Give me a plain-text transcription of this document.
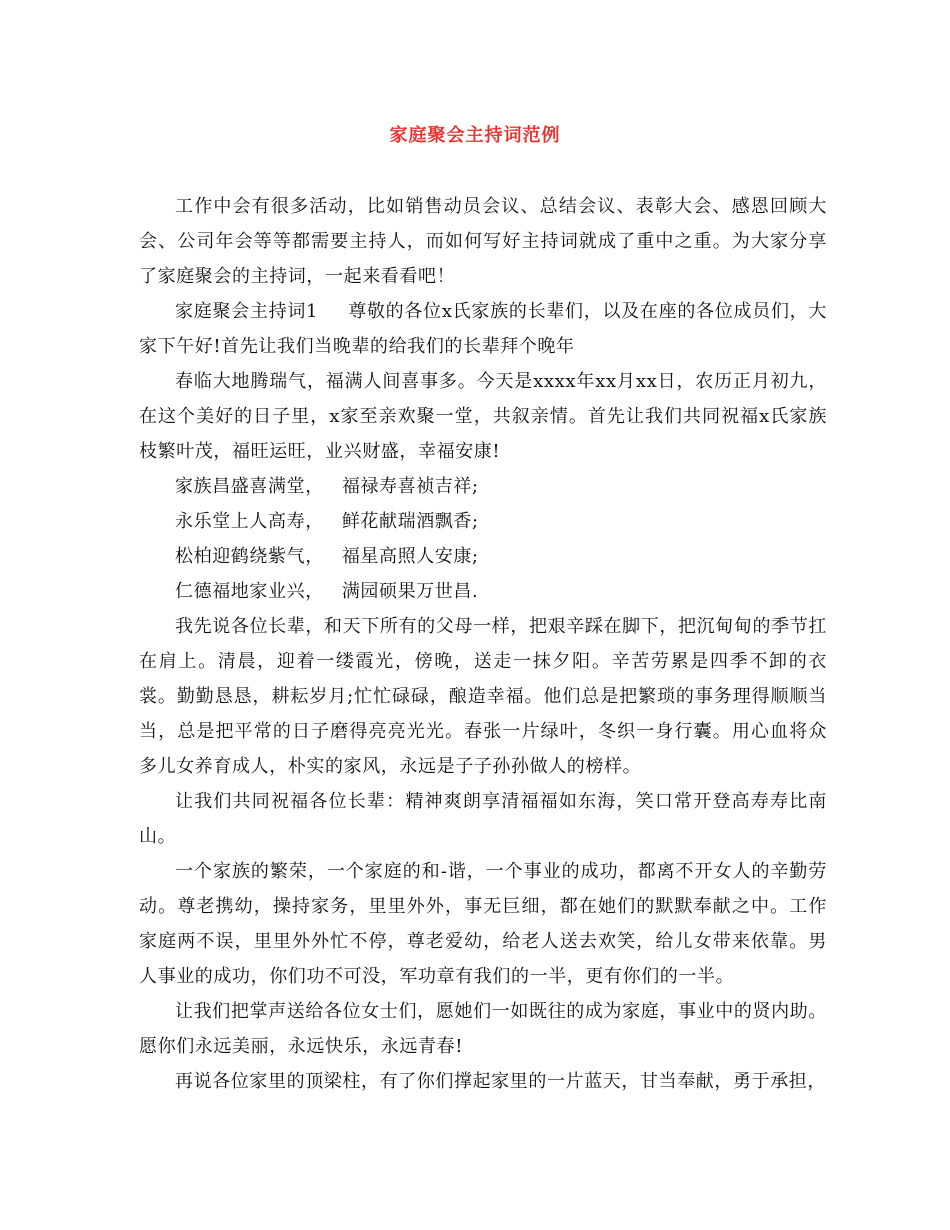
家庭聚会主持词范例

工作中会有很多活动，比如销售动员会议、总结会议、表彰大会、感恩回顾大会、公司年会等等都需要主持人，而如何写好主持词就成了重中之重。为大家分享了家庭聚会的主持词，一起来看看吧！

家庭聚会主持词1 尊敬的各位x氏家族的长辈们，以及在座的各位成员们，大家下午好!首先让我们当晚辈的给我们的长辈拜个晚年

春临大地腾瑞气，福满人间喜事多。今天是xxxx年xx月xx日，农历正月初九，在这个美好的日子里，x家至亲欢聚一堂，共叙亲情。首先让我们共同祝福x氏家族枝繁叶茂，福旺运旺，业兴财盛，幸福安康!

家族昌盛喜满堂， 福禄寿喜祯吉祥;

永乐堂上人高寿， 鲜花献瑞酒飘香;

松柏迎鹤绕紫气， 福星高照人安康;

仁德福地家业兴， 满园硕果万世昌.

我先说各位长辈，和天下所有的父母一样，把艰辛踩在脚下，把沉甸甸的季节扛在肩上。清晨，迎着一缕霞光，傍晚，送走一抹夕阳。辛苦劳累是四季不卸的衣裳。勤勤恳恳，耕耘岁月;忙忙碌碌，酿造幸福。他们总是把繁琐的事务理得顺顺当当，总是把平常的日子磨得亮亮光光。春张一片绿叶，冬织一身行囊。用心血将众多儿女养育成人，朴实的家风，永远是子子孙孙做人的榜样。

让我们共同祝福各位长辈：精神爽朗享清福福如东海，笑口常开登高寿寿比南山。

一个家族的繁荣，一个家庭的和-谐，一个事业的成功，都离不开女人的辛勤劳动。尊老携幼，操持家务，里里外外，事无巨细，都在她们的默默奉献之中。工作家庭两不误，里里外外忙不停，尊老爱幼，给老人送去欢笑，给儿女带来依靠。男人事业的成功，你们功不可没，军功章有我们的一半，更有你们的一半。

让我们把掌声送给各位女士们，愿她们一如既往的成为家庭，事业中的贤内助。愿你们永远美丽，永远快乐，永远青春!

再说各位家里的顶梁柱，有了你们撑起家里的一片蓝天，甘当奉献，勇于承担，
